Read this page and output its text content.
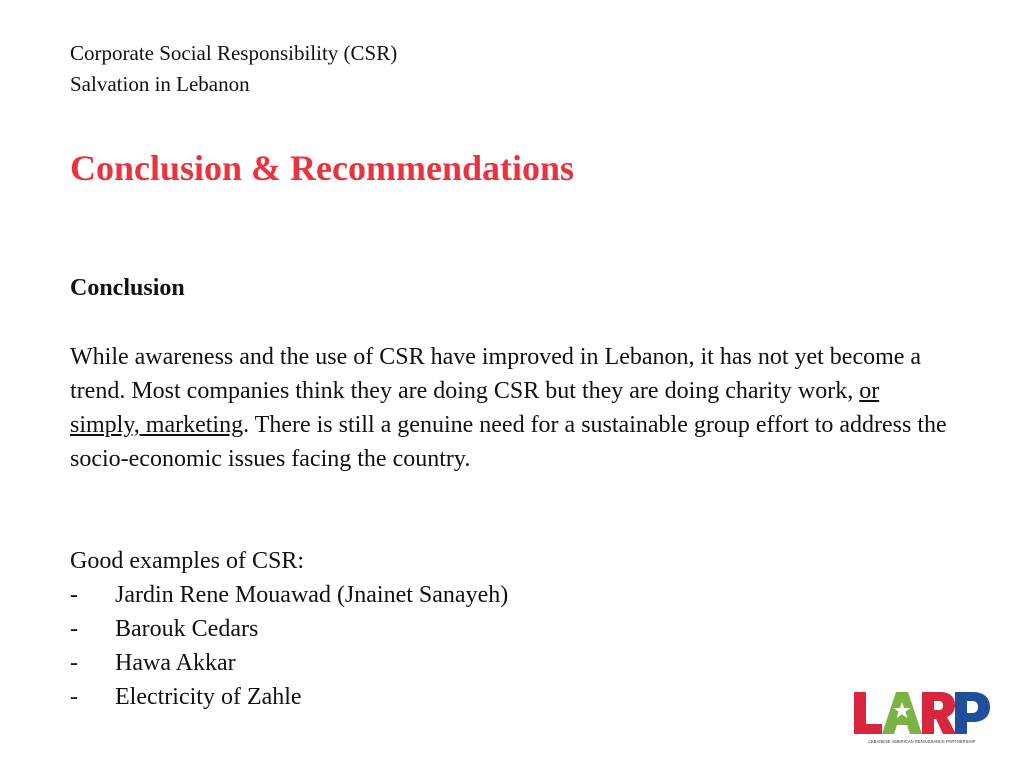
Corporate Social Responsibility (CSR)
Salvation in Lebanon
Conclusion & Recommendations
Conclusion

While awareness and the use of CSR have improved in Lebanon, it has not yet become a trend. Most companies think they are doing CSR but they are doing charity work, or simply, marketing. There is still a genuine need for a sustainable group effort to address the socio-economic issues facing the country.

Good examples of CSR:
-	Jardin Rene Mouawad (Jnainet Sanayeh)
-	Barouk Cedars
-	Hawa Akkar
-	Electricity of Zahle
LEBANESE AMERICAN RENAISSANCE PARTNERSHIP
